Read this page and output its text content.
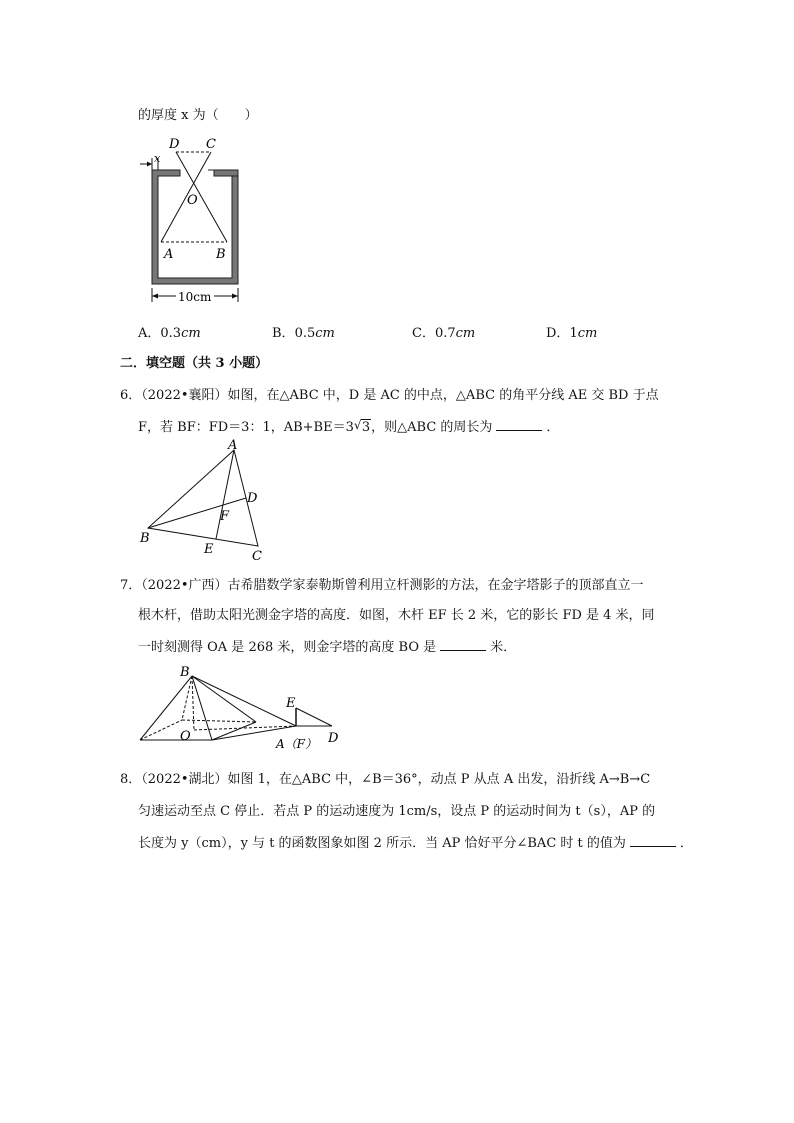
的厚度 x 为（　　）
x
D C
O
A	B
10cm
A．0.3cm	B．0.5cm	C．0.7cm	D．1cm
二．填空题（共 3 小题）
6．（2022•襄阳）如图，在△ABC 中，D 是 AC 的中点，△ABC 的角平分线 AE 交 BD 于点
F，若 BF：FD＝3：1，AB+BE＝3 √ 3，则△ABC 的周长为	．
A
B
C
D
E
F
7．（2022•广西）古希腊数学家泰勒斯曾利用立杆测影的方法，在金字塔影子的顶部直立一
根木杆，借助太阳光测金字塔的高度．如图，木杆 EF 长 2 米，它的影长 FD 是 4 米，同
一时刻测得 OA 是 268 米，则金字塔的高度 BO 是	米．
B
O
E
A（F） D
8．（2022•湖北）如图 1，在△ABC 中，∠B＝36°，动点 P 从点 A 出发，沿折线 A→B→C
匀速运动至点 C 停止．若点 P 的运动速度为 1cm/s，设点 P 的运动时间为 t（s），AP 的
长度为 y（cm），y 与 t 的函数图象如图 2 所示．当 AP 恰好平分∠BAC 时 t 的值为	．
